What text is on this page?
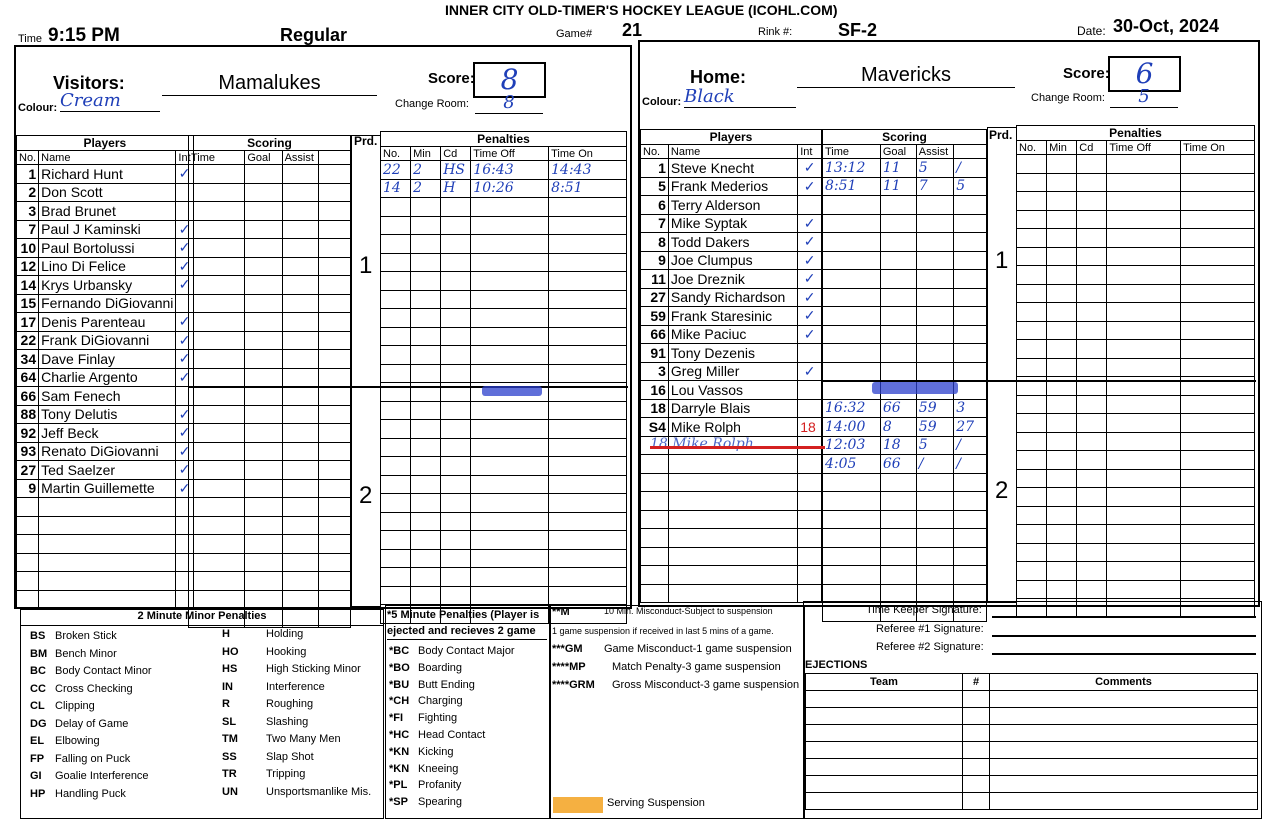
INNER CITY OLD-TIMER'S HOCKEY LEAGUE (ICOHL.COM)
Time 9:15 PM	Regular	Game# 21	Rink #:	SF-2	Date: 30-Oct, 2024
Visitors:	Mamalukes
Colour: Cream
Score: 8
Change Room:	8
Players		
No.	Name	Int
1	Richard Hunt	✓
2	Don Scott	
3	Brad Brunet	
7	Paul J Kaminski	✓
10	Paul Bortolussi	✓
12	Lino Di Felice	✓
14	Krys Urbansky	✓
15	Fernando DiGiovanni	
17	Denis Parenteau	✓
22	Frank DiGiovanni	✓
34	Dave Finlay	✓
64	Charlie Argento	✓
66	Sam Fenech	
88	Tony Delutis	✓
92	Jeff Beck	✓
93	Renato DiGiovanni	✓
27	Ted Saelzer	✓
9	Martin Guillemette	✓

Scoring			
Time	Goal	Assist	

Prd.
1
2
Penalties				
No.	Min	Cd	Time Off	Time On
22	2	HS	16:43	14:43
14	2	H	10:26	8:51

Home:	Mavericks
Colour: Black
Score: 6
Change Room:	5
Players		
No.	Name	Int
1	Steve Knecht	✓
5	Frank Mederios	✓
6	Terry Alderson	
7	Mike Syptak	✓
8	Todd Dakers	✓
9	Joe Clumpus	✓
11	Joe Dreznik	✓
27	Sandy Richardson	✓
59	Frank Staresinic	✓
66	Mike Paciuc	✓
91	Tony Dezenis	
3	Greg Miller	✓
16	Lou Vassos	
18	Darryle Blais	
S4	Mike Rolph	18

Scoring			
Time	Goal	Assist	
13:12	11	5	/
8:51	11	7	5

16:32	66	59	3
14:00	8	59	27
12:03	18	5	/
4:05	66	/	/

Prd.
1
2
Penalties				
No.	Min	Cd	Time Off	Time On

18 Mike Rolph
2 Minute Minor Penalties
BS Broken Stick
BM Bench Minor
BC Body Contact Minor
CC Cross Checking
CL Clipping
DG Delay of Game
EL Elbowing
FP Falling on Puck
GI Goalie Interference
HP Handling Puck
H	Holding
HO	Hooking
HS	High Sticking Minor
IN	Interference
R	Roughing
SL	Slashing
TM	Two Many Men
SS	Slap Shot
TR	Tripping
UN	Unsportsmanlike Mis.
*5 Minute Penalties (Player is ejected and recieves 2 game
*BC Body Contact Major
*BO Boarding
*BU Butt Ending
*CH Charging
*FI Fighting
*HC Head Contact
*KN Kicking
*KN Kneeing
*PL Profanity
*SP Spearing
**M	10 Min. Misconduct-Subject to suspension
1 game suspension if received in last 5 mins of a game.
***GM Game Misconduct-1 game suspension
****MP Match Penalty-3 game suspension
****GRM Gross Misconduct-3 game suspension
Serving Suspension
Time Keeper Signature:
Referee #1 Signature:
Referee #2 Signature:
EJECTIONS
Team	#	Comments
